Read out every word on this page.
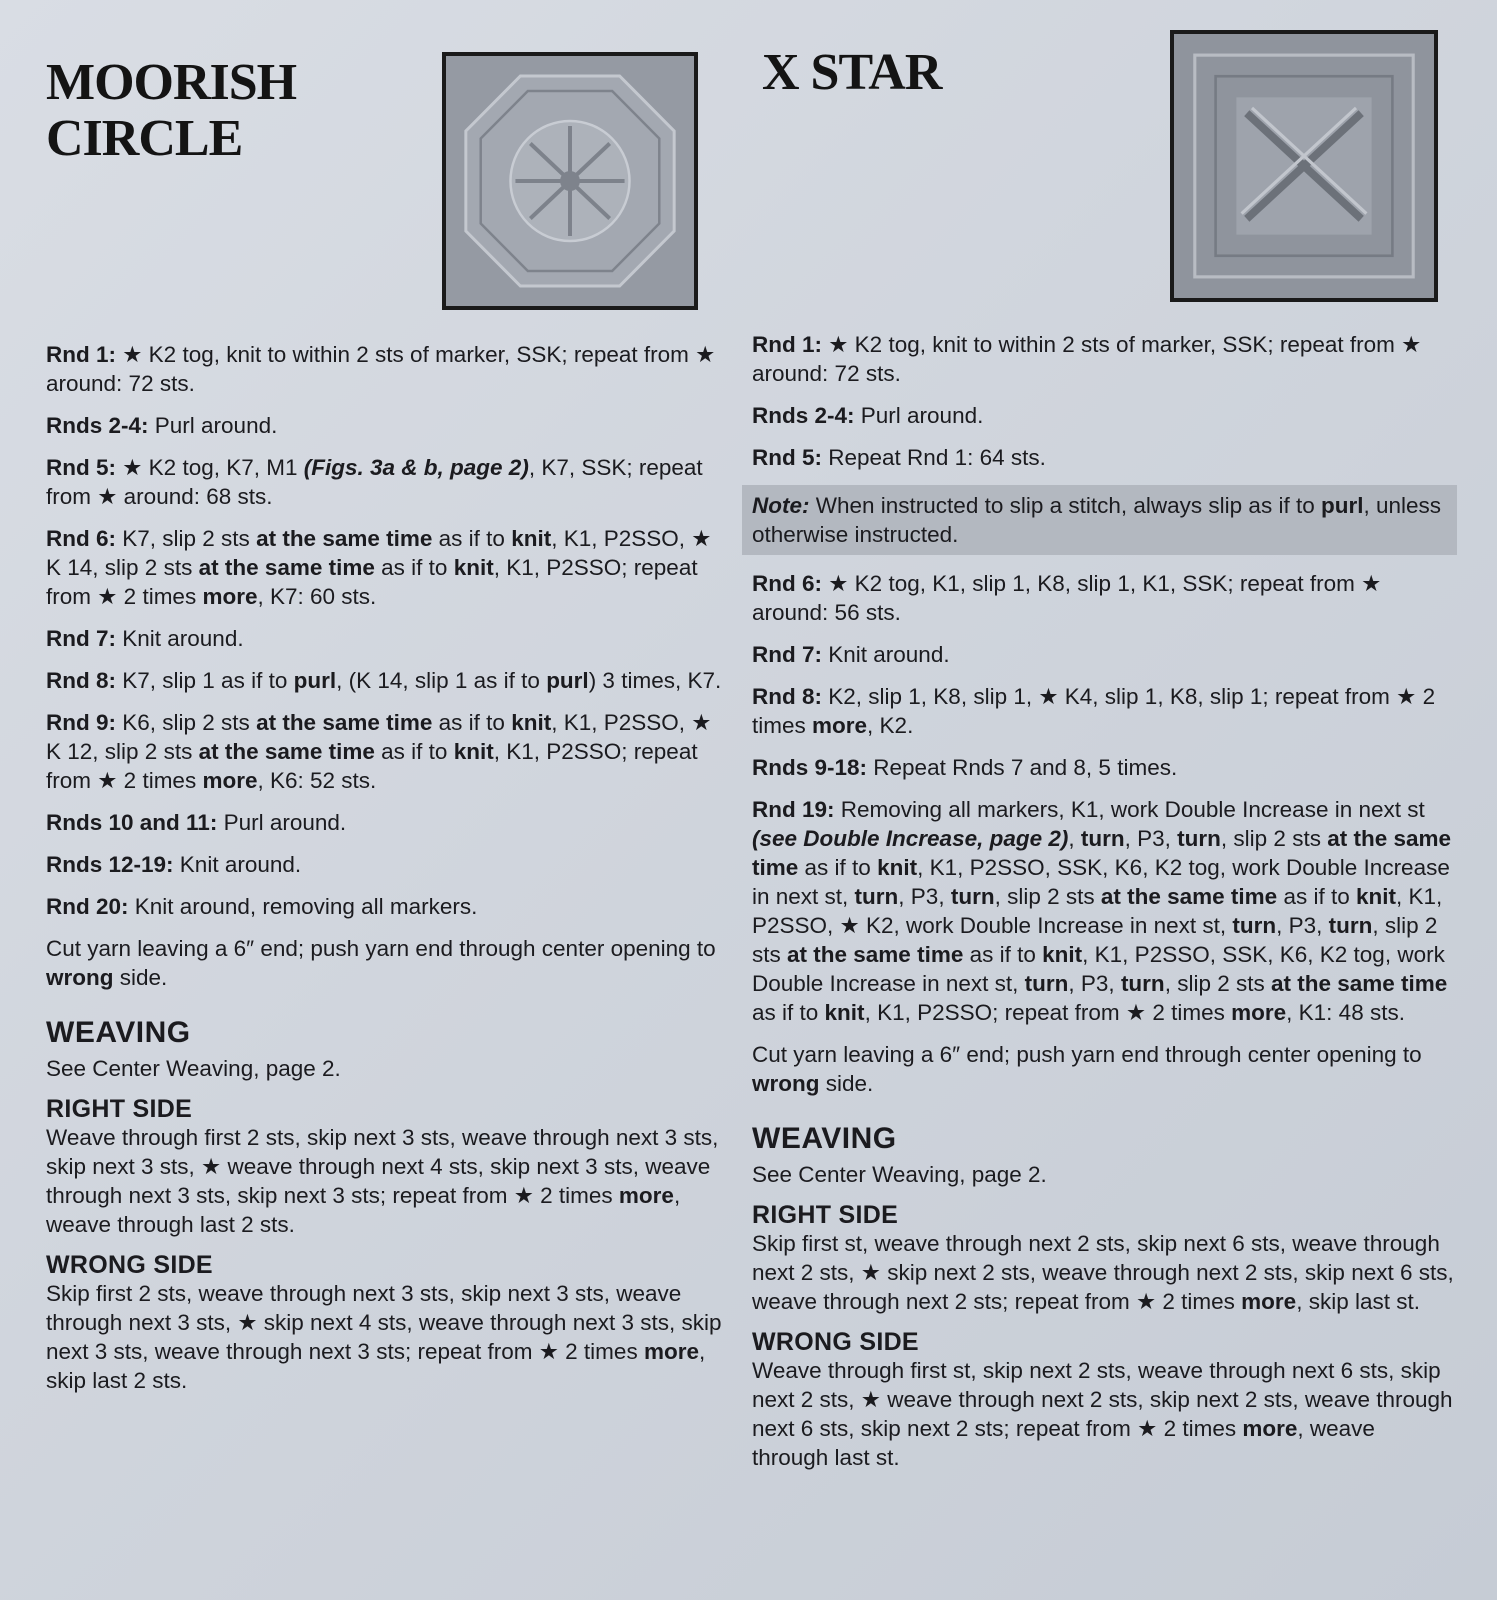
MOORISH
CIRCLE

Rnd 1: ★ K2 tog, knit to within 2 sts of marker, SSK; repeat from ★ around: 72 sts.

Rnds 2-4: Purl around.

Rnd 5: ★ K2 tog, K7, M1 (Figs. 3a & b, page 2), K7, SSK; repeat from ★ around: 68 sts.

Rnd 6: K7, slip 2 sts at the same time as if to knit, K1, P2SSO, ★ K 14, slip 2 sts at the same time as if to knit, K1, P2SSO; repeat from ★ 2 times more, K7: 60 sts.

Rnd 7: Knit around.

Rnd 8: K7, slip 1 as if to purl, (K 14, slip 1 as if to purl) 3 times, K7.

Rnd 9: K6, slip 2 sts at the same time as if to knit, K1, P2SSO, ★ K 12, slip 2 sts at the same time as if to knit, K1, P2SSO; repeat from ★ 2 times more, K6: 52 sts.

Rnds 10 and 11: Purl around.

Rnds 12-19: Knit around.

Rnd 20: Knit around, removing all markers.

Cut yarn leaving a 6″ end; push yarn end through center opening to wrong side.

WEAVING

See Center Weaving, page 2.

RIGHT SIDE

Weave through first 2 sts, skip next 3 sts, weave through next 3 sts, skip next 3 sts, ★ weave through next 4 sts, skip next 3 sts, weave through next 3 sts, skip next 3 sts; repeat from ★ 2 times more, weave through last 2 sts.

WRONG SIDE

Skip first 2 sts, weave through next 3 sts, skip next 3 sts, weave through next 3 sts, ★ skip next 4 sts, weave through next 3 sts, skip next 3 sts, weave through next 3 sts; repeat from ★ 2 times more, skip last 2 sts.

X STAR

Rnd 1: ★ K2 tog, knit to within 2 sts of marker, SSK; repeat from ★ around: 72 sts.

Rnds 2-4: Purl around.

Rnd 5: Repeat Rnd 1: 64 sts.

Note: When instructed to slip a stitch, always slip as if to purl, unless otherwise instructed.

Rnd 6: ★ K2 tog, K1, slip 1, K8, slip 1, K1, SSK; repeat from ★ around: 56 sts.

Rnd 7: Knit around.

Rnd 8: K2, slip 1, K8, slip 1, ★ K4, slip 1, K8, slip 1; repeat from ★ 2 times more, K2.

Rnds 9-18: Repeat Rnds 7 and 8, 5 times.

Rnd 19: Removing all markers, K1, work Double Increase in next st (see Double Increase, page 2), turn, P3, turn, slip 2 sts at the same time as if to knit, K1, P2SSO, SSK, K6, K2 tog, work Double Increase in next st, turn, P3, turn, slip 2 sts at the same time as if to knit, K1, P2SSO, ★ K2, work Double Increase in next st, turn, P3, turn, slip 2 sts at the same time as if to knit, K1, P2SSO, SSK, K6, K2 tog, work Double Increase in next st, turn, P3, turn, slip 2 sts at the same time as if to knit, K1, P2SSO; repeat from ★ 2 times more, K1: 48 sts.

Cut yarn leaving a 6″ end; push yarn end through center opening to wrong side.

WEAVING

See Center Weaving, page 2.

RIGHT SIDE

Skip first st, weave through next 2 sts, skip next 6 sts, weave through next 2 sts, ★ skip next 2 sts, weave through next 2 sts, skip next 6 sts, weave through next 2 sts; repeat from ★ 2 times more, skip last st.

WRONG SIDE

Weave through first st, skip next 2 sts, weave through next 6 sts, skip next 2 sts, ★ weave through next 2 sts, skip next 2 sts, weave through next 6 sts, skip next 2 sts; repeat from ★ 2 times more, weave through last st.
